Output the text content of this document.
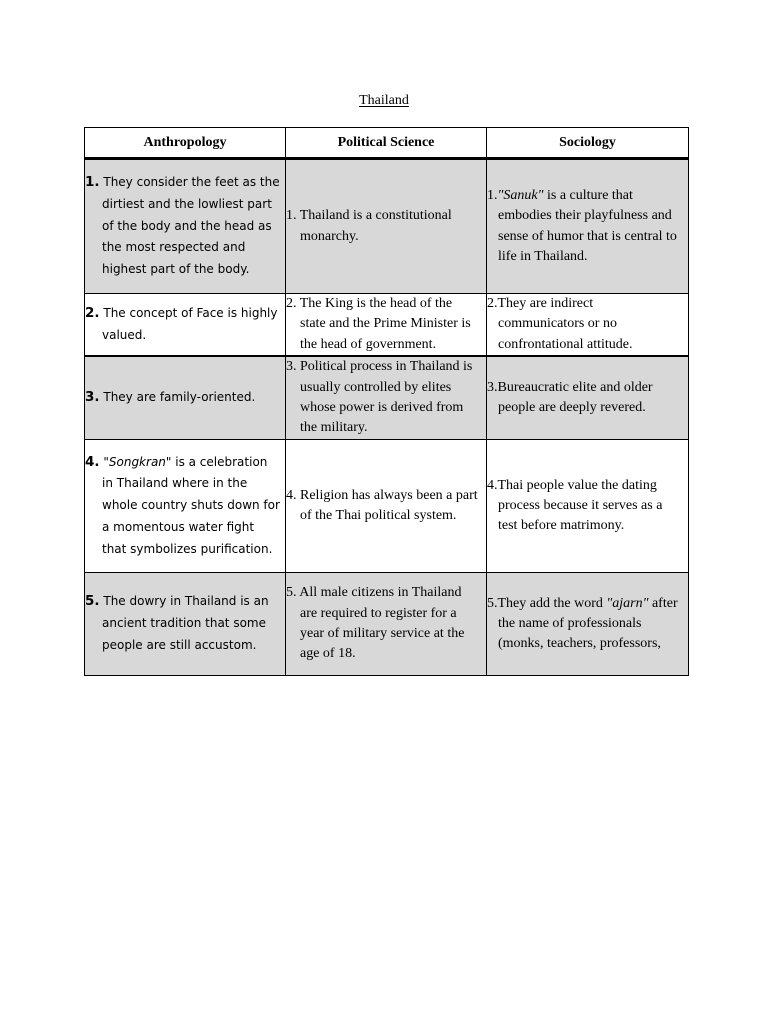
Thailand
Anthropology	Political Science	Sociology

1. They consider the feet as the dirtiest and the lowliest part of the body and the head as the most respected and highest part of the body.	1. Thailand is a constitutional monarchy.	1."Sanuk" is a culture that embodies their playfulness and sense of humor that is central to life in Thailand.

2. The concept of Face is highly valued.	2. The King is the head of the state and the Prime Minister is the head of government.	2.They are indirect communicators or no confrontational attitude.

3. They are family-oriented.	3. Political process in Thailand is usually controlled by elites whose power is derived from the military.	3.Bureaucratic elite and older people are deeply revered.

4. "Songkran" is a celebration in Thailand where in the whole country shuts down for a momentous water fight that symbolizes purification.	4. Religion has always been a part of the Thai political system.	4.Thai people value the dating process because it serves as a test before matrimony.

5. The dowry in Thailand is an ancient tradition that some people are still accustom.	5. All male citizens in Thailand are required to register for a year of military service at the age of 18.	5.They add the word "ajarn" after the name of professionals (monks, teachers, professors,
